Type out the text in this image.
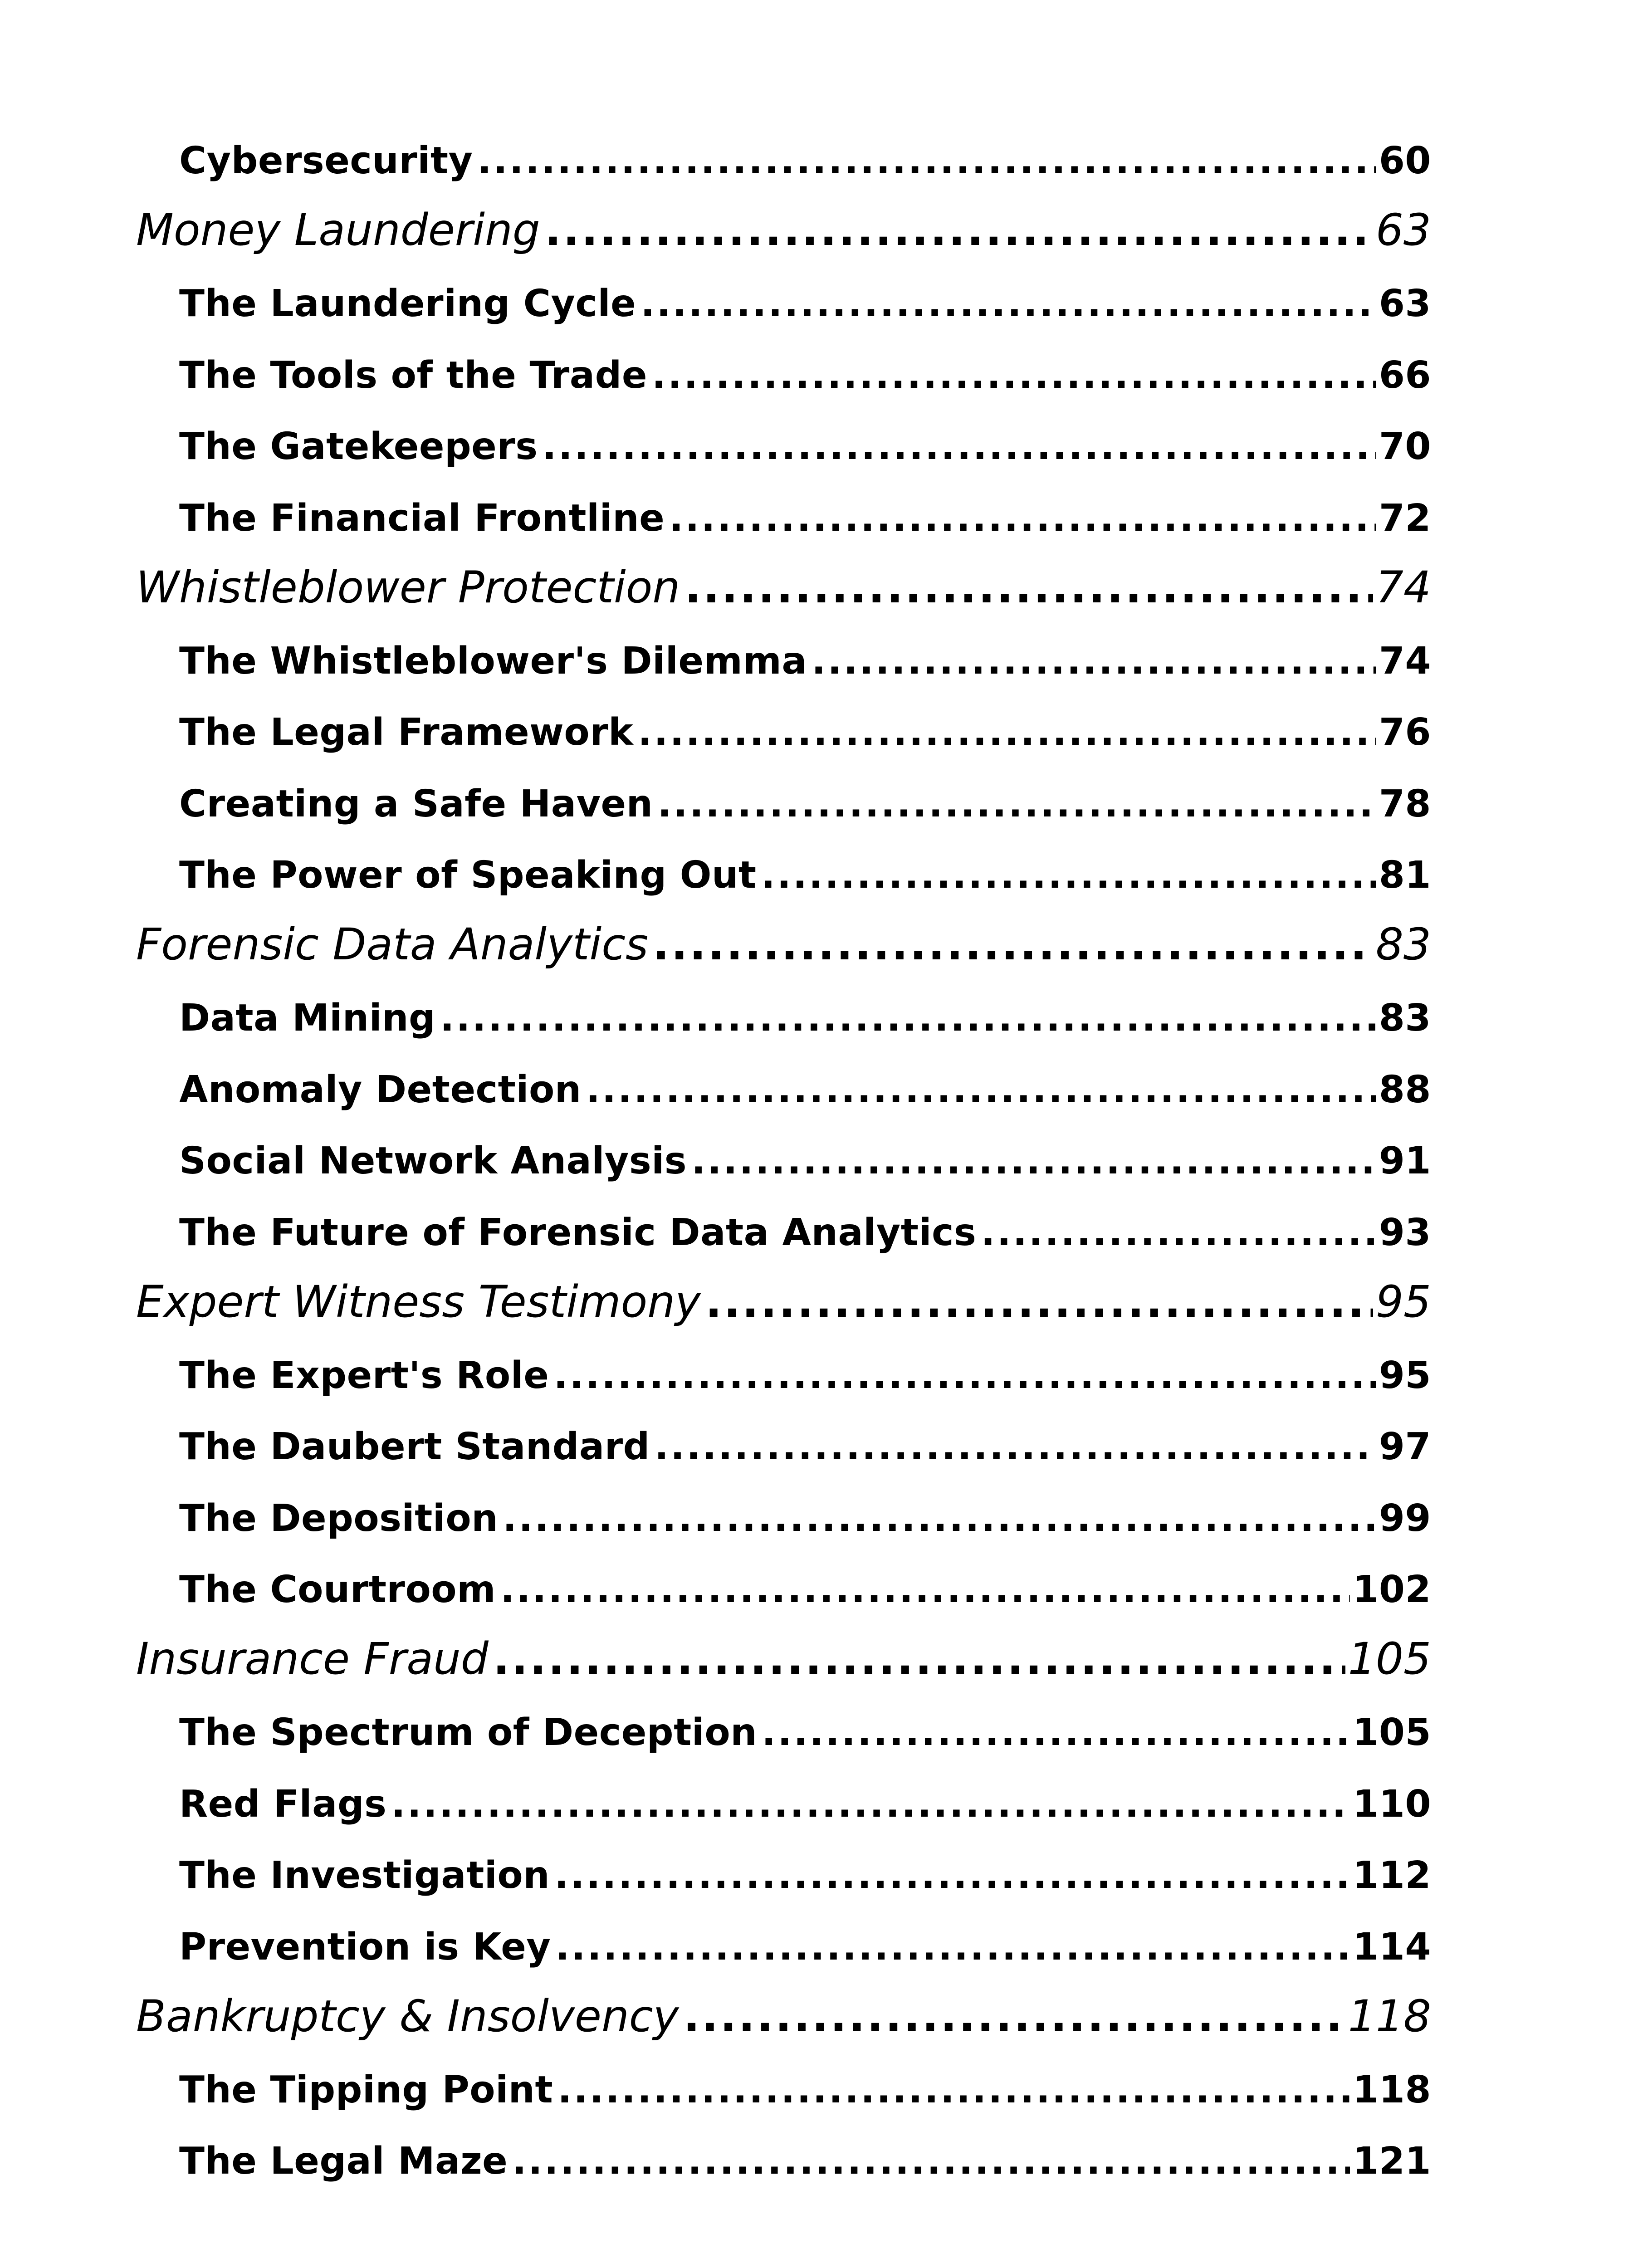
Cybersecurity .....	60
Money Laundering .....	63
The Laundering Cycle .....	63
The Tools of the Trade .....	66
The Gatekeepers .....	70
The Financial Frontline .....	72
Whistleblower Protection .....	74
The Whistleblower's Dilemma .....	74
The Legal Framework .....	76
Creating a Safe Haven .....	78
The Power of Speaking Out .....	81
Forensic Data Analytics .....	83
Data Mining .....	83
Anomaly Detection .....	88
Social Network Analysis .....	91
The Future of Forensic Data Analytics .....	93
Expert Witness Testimony .....	95
The Expert's Role .....	95
The Daubert Standard .....	97
The Deposition .....	99
The Courtroom .....	102
Insurance Fraud .....	105
The Spectrum of Deception .....	105
Red Flags .....	110
The Investigation .....	112
Prevention is Key .....	114
Bankruptcy & Insolvency .....	118
The Tipping Point .....	118
The Legal Maze .....	121
